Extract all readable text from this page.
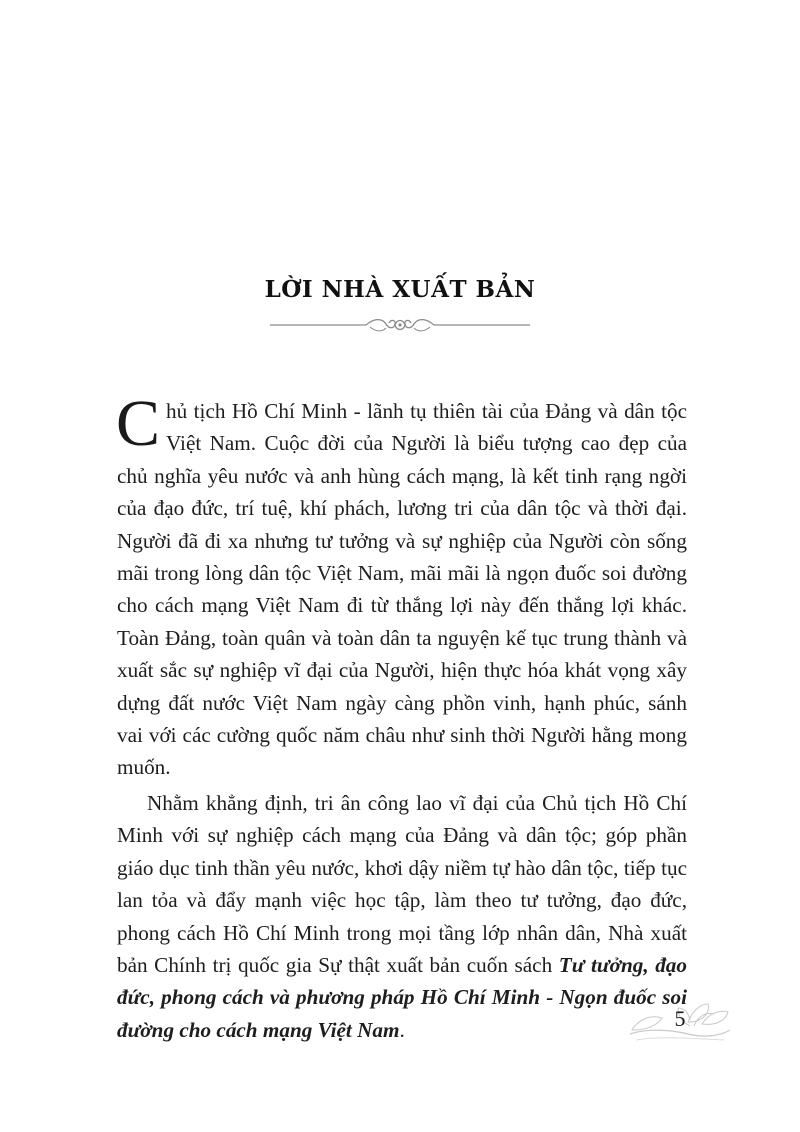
LỜI NHÀ XUẤT BẢN

Chủ tịch Hồ Chí Minh - lãnh tụ thiên tài của Đảng và dân tộc Việt Nam. Cuộc đời của Người là biểu tượng cao đẹp của chủ nghĩa yêu nước và anh hùng cách mạng, là kết tinh rạng ngời của đạo đức, trí tuệ, khí phách, lương tri của dân tộc và thời đại. Người đã đi xa nhưng tư tưởng và sự nghiệp của Người còn sống mãi trong lòng dân tộc Việt Nam, mãi mãi là ngọn đuốc soi đường cho cách mạng Việt Nam đi từ thắng lợi này đến thắng lợi khác. Toàn Đảng, toàn quân và toàn dân ta nguyện kế tục trung thành và xuất sắc sự nghiệp vĩ đại của Người, hiện thực hóa khát vọng xây dựng đất nước Việt Nam ngày càng phồn vinh, hạnh phúc, sánh vai với các cường quốc năm châu như sinh thời Người hằng mong muốn.

Nhằm khẳng định, tri ân công lao vĩ đại của Chủ tịch Hồ Chí Minh với sự nghiệp cách mạng của Đảng và dân tộc; góp phần giáo dục tinh thần yêu nước, khơi dậy niềm tự hào dân tộc, tiếp tục lan tỏa và đẩy mạnh việc học tập, làm theo tư tưởng, đạo đức, phong cách Hồ Chí Minh trong mọi tầng lớp nhân dân, Nhà xuất bản Chính trị quốc gia Sự thật xuất bản cuốn sách Tư tưởng, đạo đức, phong cách và phương pháp Hồ Chí Minh - Ngọn đuốc soi đường cho cách mạng Việt Nam.	5
